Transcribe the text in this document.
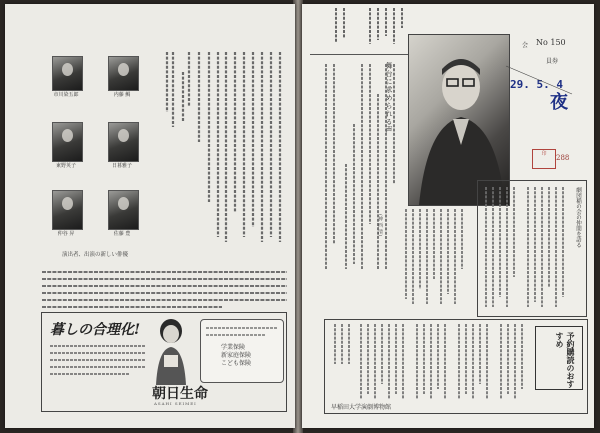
市川染五郎	内藤 鯛
東野英子	日暮雅子
仲谷 昇	佐藤 豊
演出者、出演の新しい俳優
暮しの合理化!
学業保険
新家庭保険
こども保険
朝日生命
ASAHI SEIMEI
舞台に求められる声
(神 西 清)
会 No 150
員券
29. 5. 4
夜
印	288
劇団稲の会の仲間を語る
予約購読のおすすめ
早稲田大学演劇博物館
